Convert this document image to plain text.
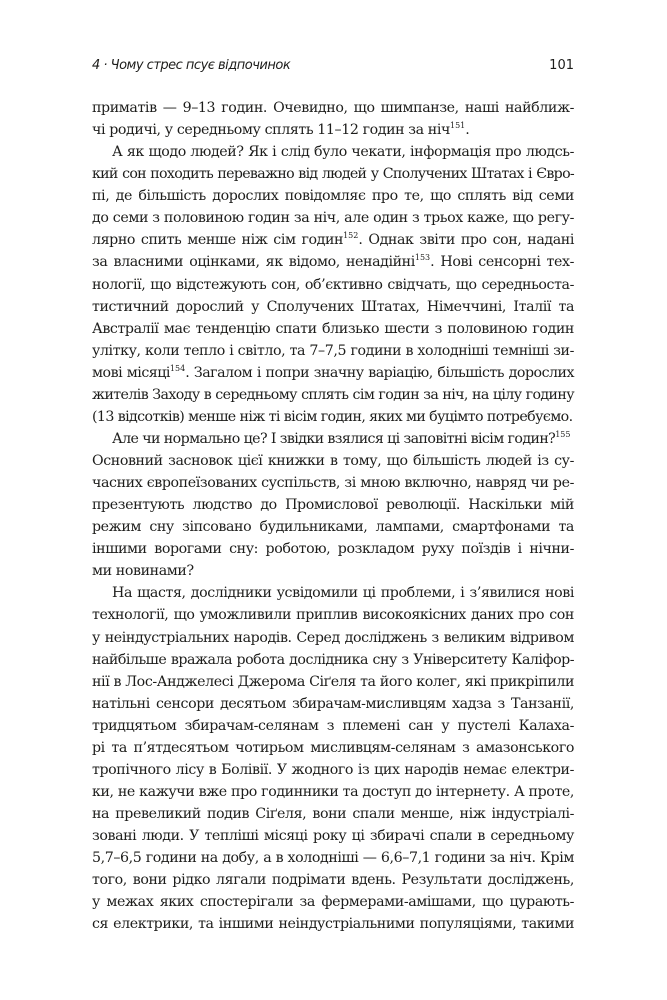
4 · Чому стрес псує відпочинок	101
приматів — 9–13 годин. Очевидно, що шимпанзе, наші найближ-
чі родичі, у середньому сплять 11–12 годин за ніч$^{151}$.
А як щодо людей? Як і слід було чекати, інформація про людсь-
кий сон походить переважно від людей у Сполучених Штатах і Євро-
пі, де більшість дорослих повідомляє про те, що сплять від семи
до семи з половиною годин за ніч, але один з трьох каже, що регу-
лярно спить менше ніж сім годин$^{152}$. Однак звіти про сон, надані
за власними оцінками, як відомо, ненадійні$^{153}$. Нові сенсорні тех-
нології, що відстежують сон, об’єктивно свідчать, що середньоста-
тистичний дорослий у Сполучених Штатах, Німеччині, Італії та
Австралії має тенденцію спати близько шести з половиною годин
улітку, коли тепло і світло, та 7–7,5 години в холодніші темніші зи-
мові місяці$^{154}$. Загалом і попри значну варіацію, більшість дорослих
жителів Заходу в середньому сплять сім годин за ніч, на цілу годину
(13 відсотків) менше ніж ті вісім годин, яких ми буцімто потребуємо.
Але чи нормально це? І звідки взялися ці заповітні вісім годин?$^{155}$
Основний засновок цієї книжки в тому, що більшість людей із су-
часних європеїзованих суспільств, зі мною включно, навряд чи ре-
презентують людство до Промислової революції. Наскільки мій
режим сну зіпсовано будильниками, лампами, смартфонами та
іншими ворогами сну: роботою, розкладом руху поїздів і нічни-
ми новинами?
На щастя, дослідники усвідомили ці проблеми, і з’явилися нові
технології, що уможливили приплив високоякісних даних про сон
у неіндустріальних народів. Серед досліджень з великим відривом
найбільше вражала робота дослідника сну з Університету Каліфор-
нії в Лос-Анджелесі Джерома Сіґеля та його колег, які прикріпили
натільні сенсори десятьом збирачам-мисливцям хадза з Танзанії,
тридцятьом збирачам-селянам з племені сан у пустелі Калаха-
рі та п’ятдесятьом чотирьом мисливцям-селянам з амазонського
тропічного лісу в Болівії. У жодного із цих народів немає електри-
ки, не кажучи вже про годинники та доступ до інтернету. А проте,
на превеликий подив Сіґеля, вони спали менше, ніж індустріалі-
зовані люди. У тепліші місяці року ці збирачі спали в середньому
5,7–6,5 години на добу, а в холодніші — 6,6–7,1 години за ніч. Крім
того, вони рідко лягали подрімати вдень. Результати досліджень,
у межах яких спостерігали за фермерами-амішами, що цурають-
ся електрики, та іншими неіндустріальними популяціями, такими
